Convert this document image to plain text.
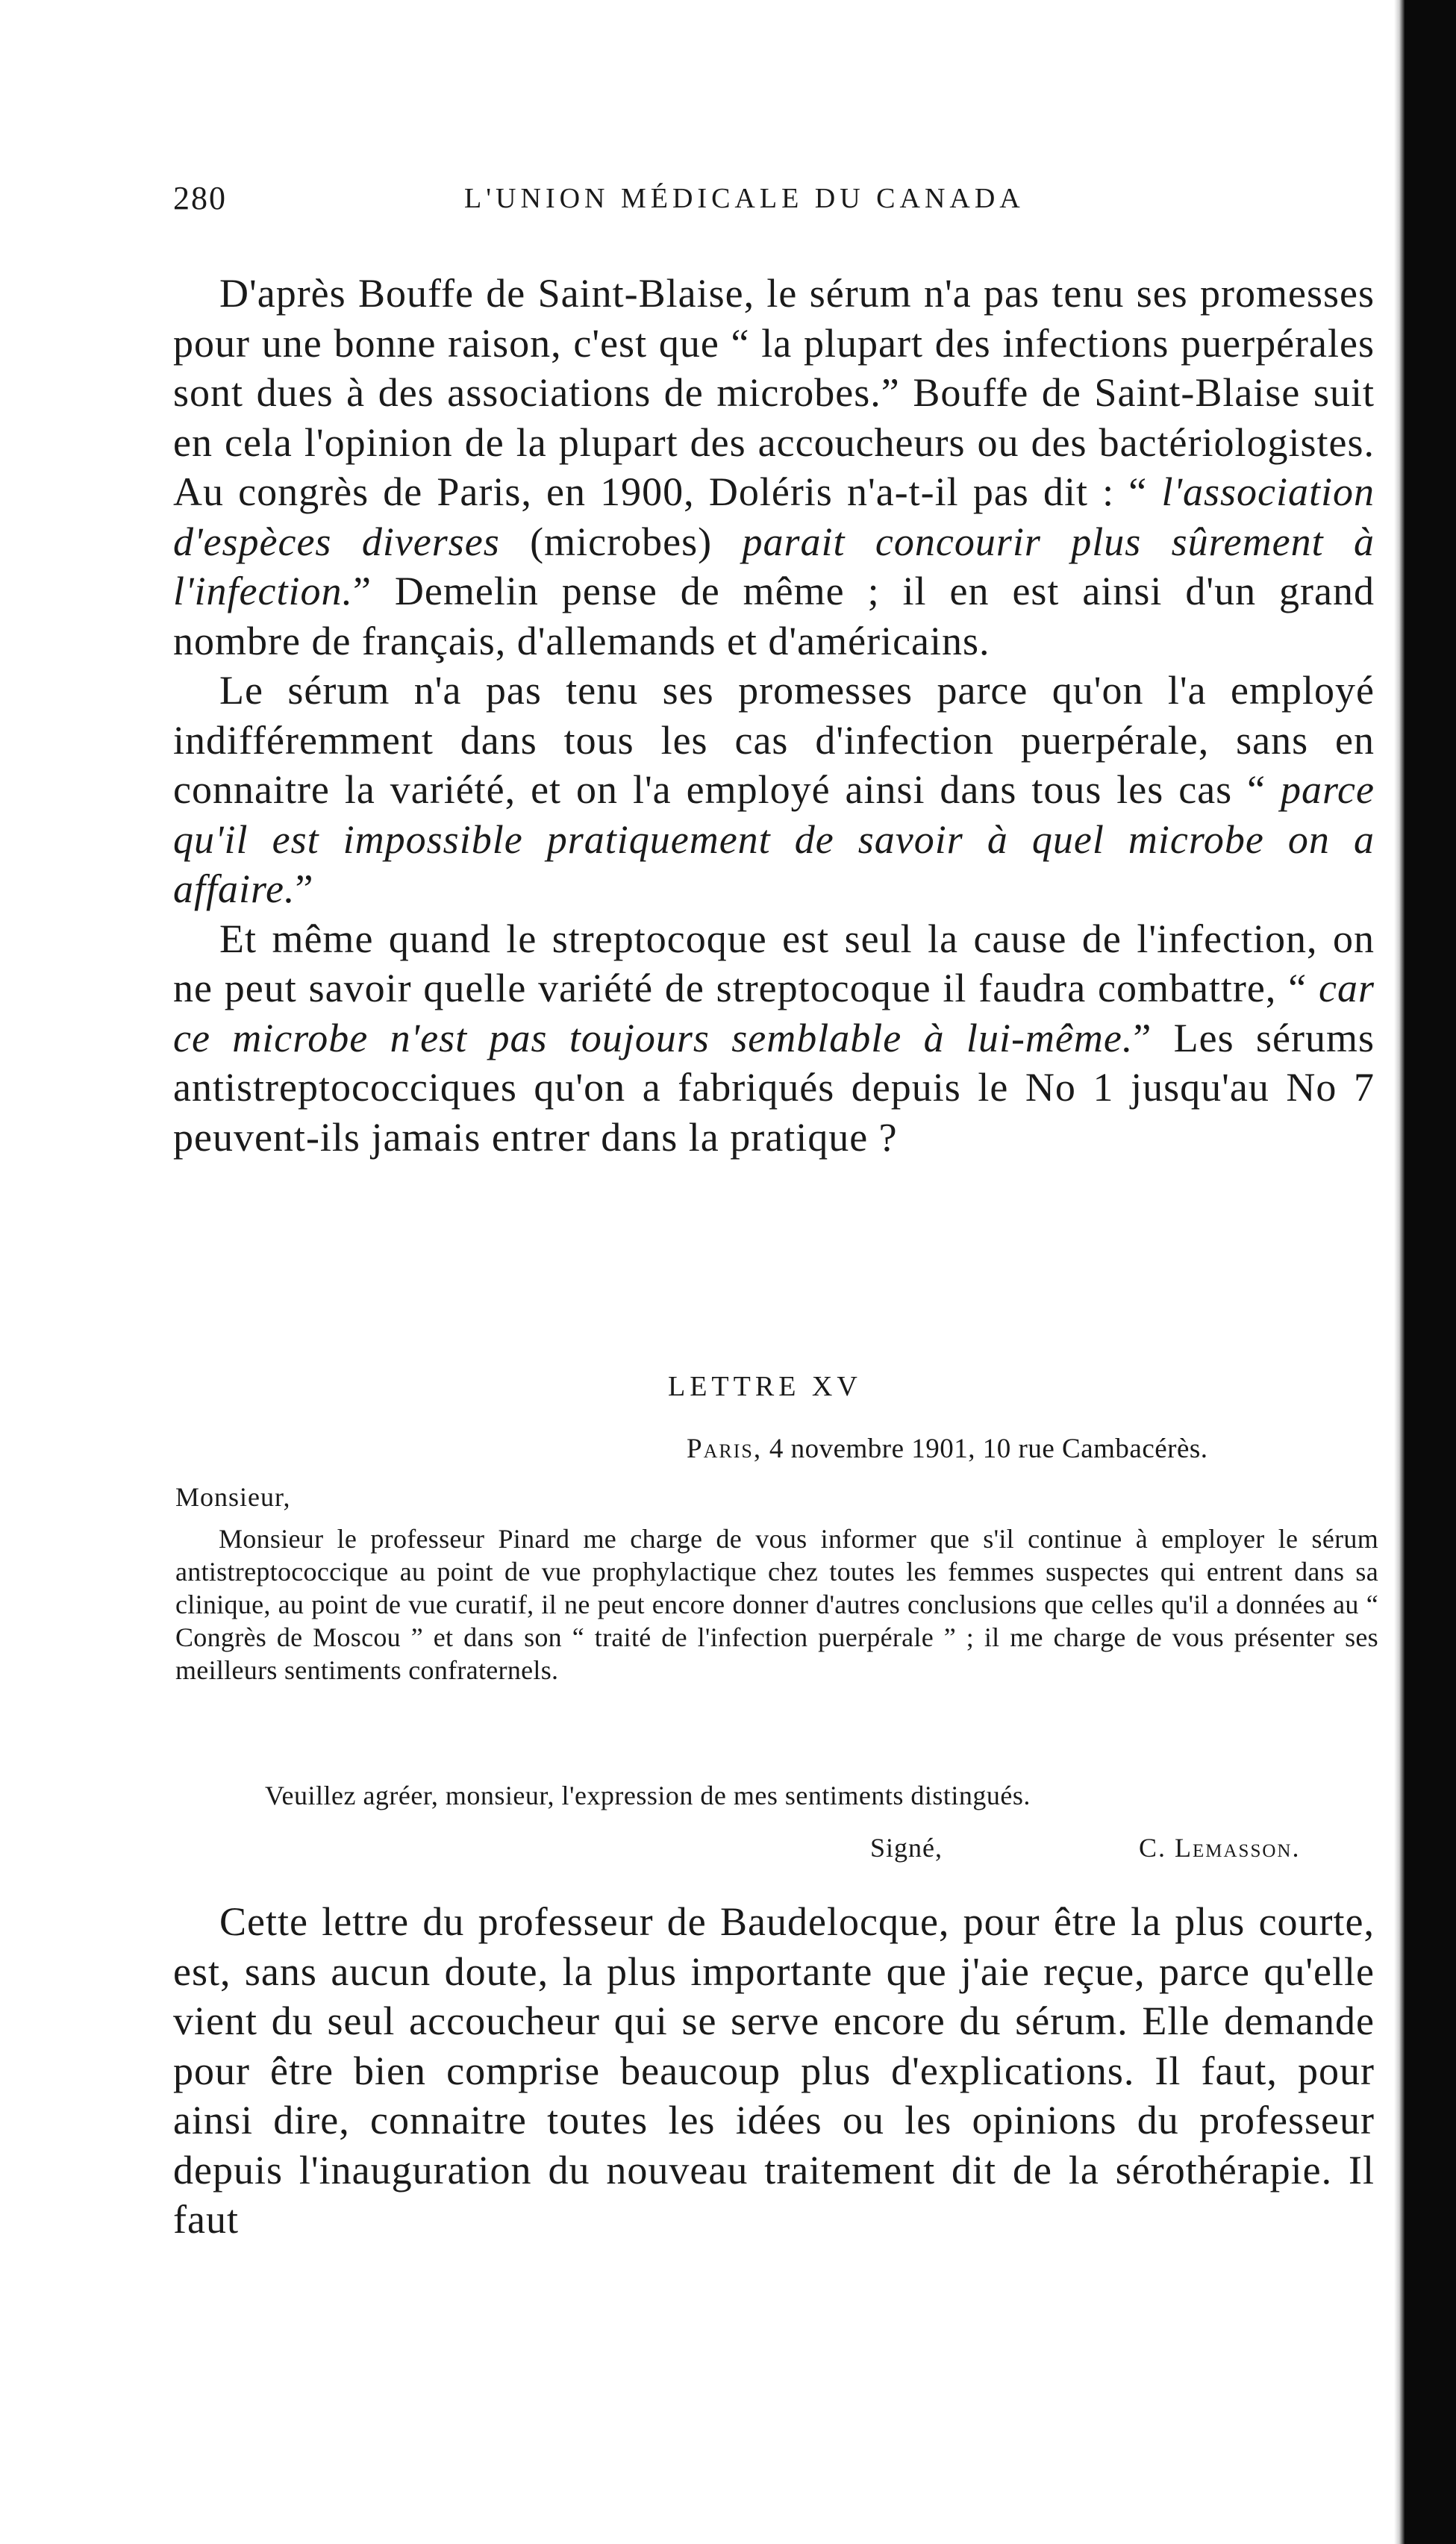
280	L'UNION MÉDICALE DU CANADA

D'après Bouffe de Saint-Blaise, le sérum n'a pas tenu ses promesses pour une bonne raison, c'est que “ la plupart des infections puerpérales sont dues à des associations de microbes.” Bouffe de Saint-Blaise suit en cela l'opinion de la plupart des accoucheurs ou des bactériologistes. Au congrès de Paris, en 1900, Doléris n'a-t-il pas dit : “ l'association d'espèces diverses (microbes) parait concourir plus sûrement à l'infection.” Demelin pense de même ; il en est ainsi d'un grand nombre de français, d'allemands et d'américains.

Le sérum n'a pas tenu ses promesses parce qu'on l'a employé indifféremment dans tous les cas d'infection puerpérale, sans en connaitre la variété, et on l'a employé ainsi dans tous les cas “ parce qu'il est impossible pratiquement de savoir à quel microbe on a affaire.”

Et même quand le streptocoque est seul la cause de l'infection, on ne peut savoir quelle variété de streptocoque il faudra combattre, “ car ce microbe n'est pas toujours semblable à lui-même.” Les sérums antistreptococciques qu'on a fabriqués depuis le No 1 jusqu'au No 7 peuvent-ils jamais entrer dans la pratique ?

LETTRE XV
Paris, 4 novembre 1901, 10 rue Cambacérès.
Monsieur,

Monsieur le professeur Pinard me charge de vous informer que s'il continue à employer le sérum antistreptococcique au point de vue prophylactique chez toutes les femmes suspectes qui entrent dans sa clinique, au point de vue curatif, il ne peut encore donner d'autres conclusions que celles qu'il a données au “ Congrès de Moscou ” et dans son “ traité de l'infection puerpérale ” ; il me charge de vous présenter ses meilleurs sentiments confraternels.

Veuillez agréer, monsieur, l'expression de mes sentiments distingués.
Signé,	C. Lemasson.

Cette lettre du professeur de Baudelocque, pour être la plus courte, est, sans aucun doute, la plus importante que j'aie reçue, parce qu'elle vient du seul accoucheur qui se serve encore du sérum. Elle demande pour être bien comprise beaucoup plus d'explications. Il faut, pour ainsi dire, connaitre toutes les idées ou les opinions du professeur depuis l'inauguration du nouveau traitement dit de la sérothérapie. Il faut
